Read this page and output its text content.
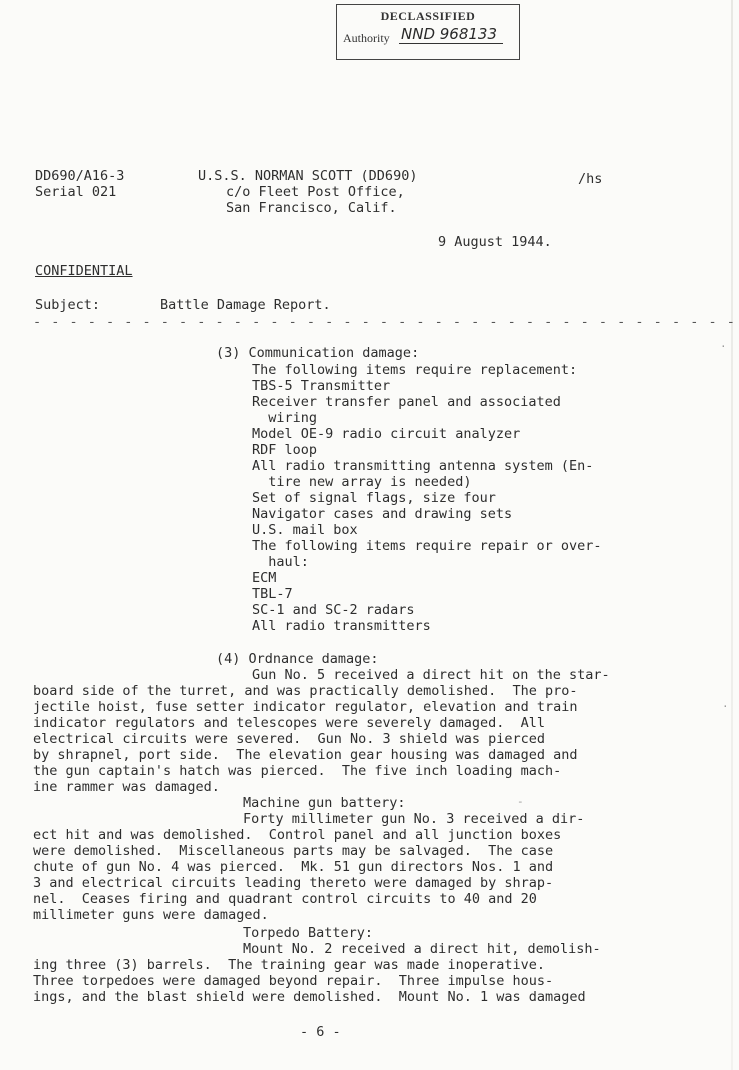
DECLASSIFIED
Authority NND 968133
DD690/A16-3
Serial 021
U.S.S. NORMAN SCOTT (DD690)
c/o Fleet Post Office,
San Francisco, Calif.
/hs
9 August 1944.
CONFIDENTIAL
Subject:	Battle Damage Report.
- - - - - - - - - - - - - - - - - - - - - - - - - - - - - - - - - - - - - - -
(3) Communication damage:
The following items require replacement:
TBS-5 Transmitter
Receiver transfer panel and associated
wiring
Model OE-9 radio circuit analyzer
RDF loop
All radio transmitting antenna system (En-
tire new array is needed)
Set of signal flags, size four
Navigator cases and drawing sets
U.S. mail box
The following items require repair or over-
haul:
ECM
TBL-7
SC-1 and SC-2 radars
All radio transmitters
(4) Ordnance damage:
Gun No. 5 received a direct hit on the star-
board side of the turret, and was practically demolished.  The pro-
jectile hoist, fuse setter indicator regulator, elevation and train
indicator regulators and telescopes were severely damaged.  All
electrical circuits were severed.  Gun No. 3 shield was pierced
by shrapnel, port side.  The elevation gear housing was damaged and
the gun captain's hatch was pierced.  The five inch loading mach-
ine rammer was damaged.
Machine gun battery:
Forty millimeter gun No. 3 received a dir-
ect hit and was demolished.  Control panel and all junction boxes
were demolished.  Miscellaneous parts may be salvaged.  The case
chute of gun No. 4 was pierced.  Mk. 51 gun directors Nos. 1 and
3 and electrical circuits leading thereto were damaged by shrap-
nel.  Ceases firing and quadrant control circuits to 40 and 20
millimeter guns were damaged.
Torpedo Battery:
Mount No. 2 received a direct hit, demolish-
ing three (3) barrels.  The training gear was made inoperative.
Three torpedoes were damaged beyond repair.  Three impulse hous-
ings, and the blast shield were demolished.  Mount No. 1 was damaged
- 6 -
·
·
-
